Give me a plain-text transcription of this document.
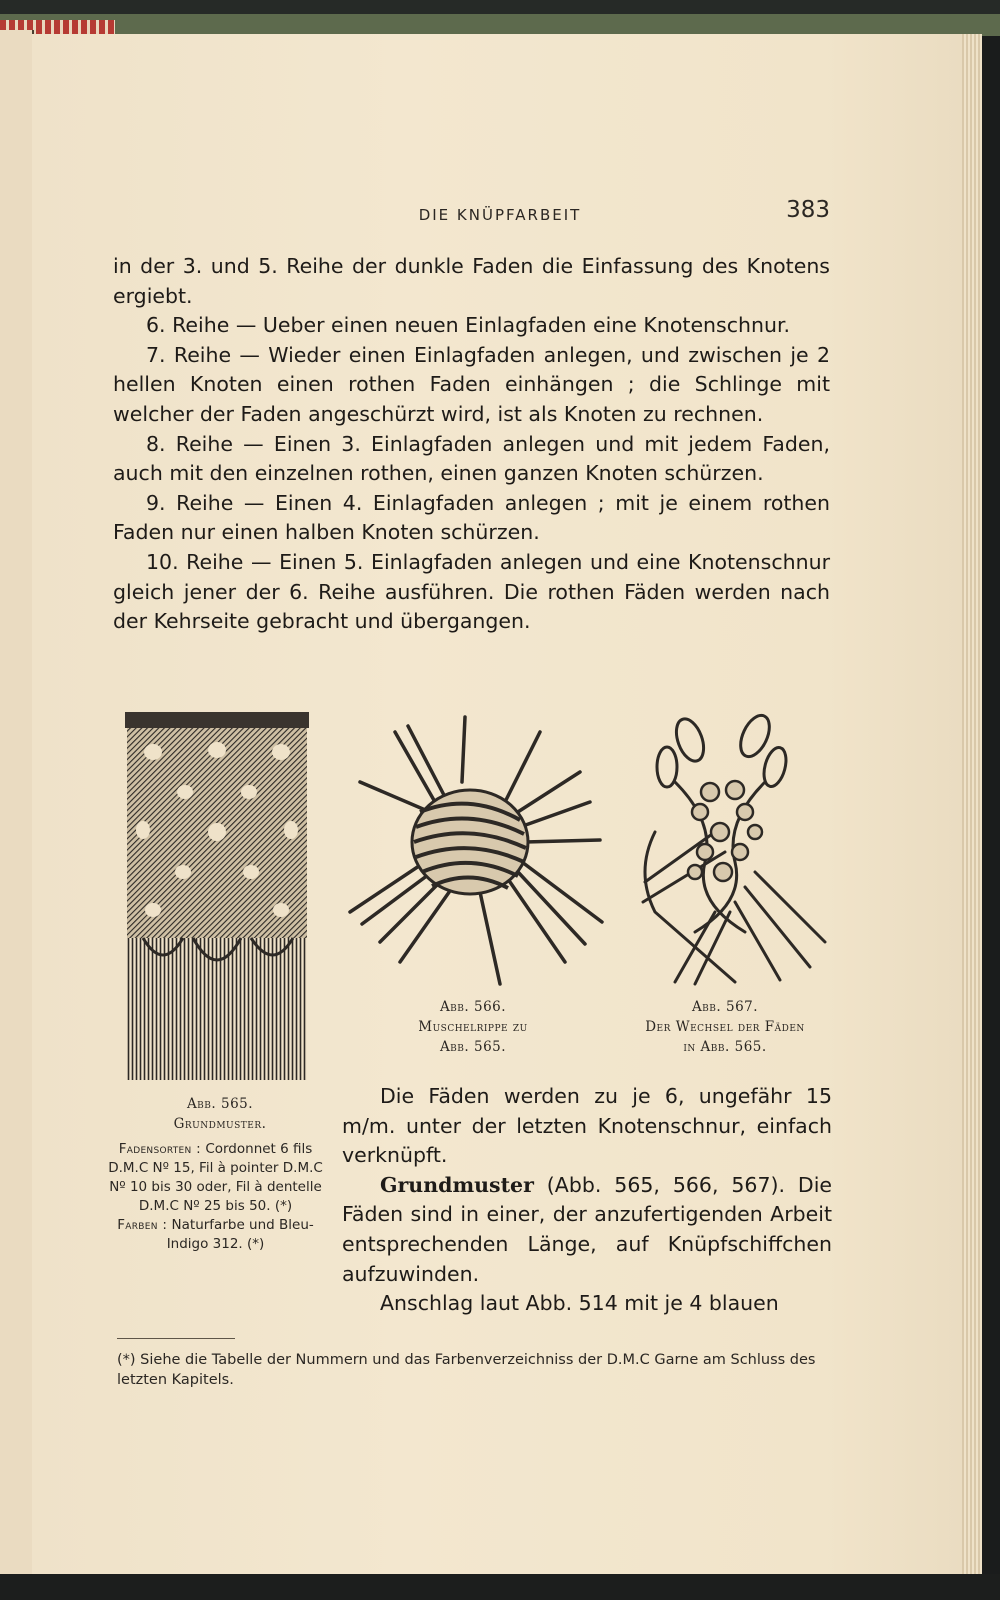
DIE KNÜPFARBEIT	383

in der 3. und 5. Reihe der dunkle Faden die Einfassung des Knotens ergiebt.

6. Reihe — Ueber einen neuen Einlagfaden eine Knotenschnur.

7. Reihe — Wieder einen Einlagfaden anlegen, und zwischen je 2 hellen Knoten einen rothen Faden einhängen ; die Schlinge mit welcher der Faden angeschürzt wird, ist als Knoten zu rechnen.

8. Reihe — Einen 3. Einlagfaden anlegen und mit jedem Faden, auch mit den einzelnen rothen, einen ganzen Knoten schürzen.

9. Reihe — Einen 4. Einlagfaden anlegen ; mit je einem rothen Faden nur einen halben Knoten schürzen.

10. Reihe — Einen 5. Einlagfaden anlegen und eine Knotenschnur gleich jener der 6. Reihe ausführen. Die rothen Fäden werden nach der Kehrseite gebracht und übergangen.

Abb. 566.
Muschelrippe zu
Abb. 565.
Abb. 567.
Der Wechsel der Fäden
in Abb. 565.
Abb. 565.
Grundmuster.
Fadensorten : Cordonnet 6 fils D.M.C Nº 15, Fil à pointer D.M.C Nº 10 bis 30 oder, Fil à dentelle D.M.C Nº 25 bis 50. (*)
Farben : Naturfarbe und Bleu-Indigo 312. (*)

Die Fäden werden zu je 6, ungefähr 15 m/m. unter der letzten Knotenschnur, einfach verknüpft.

Grundmuster (Abb. 565, 566, 567). Die Fäden sind in einer, der anzufertigenden Arbeit entsprechenden Länge, auf Knüpfschiffchen aufzuwinden.

Anschlag laut Abb. 514 mit je 4 blauen

(*) Siehe die Tabelle der Nummern und das Farbenverzeichniss der D.M.C Garne am Schluss des letzten Kapitels.
